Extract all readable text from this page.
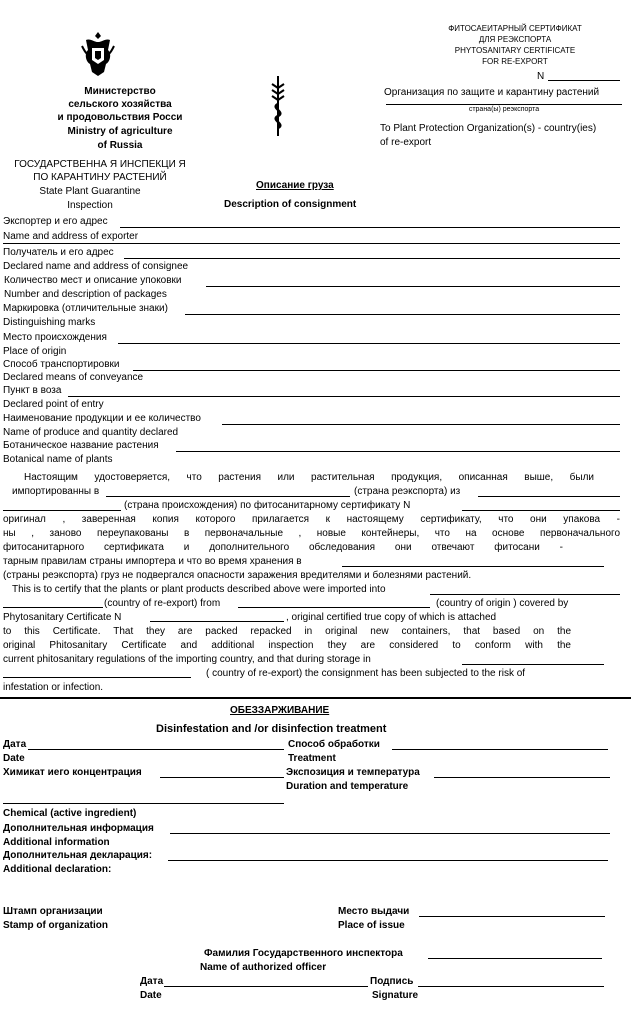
Министерство
сельского хозяйства
и продовольствия Росси
Ministry of agriculture
of Russia
ГОСУДАРСТВЕННА Я ИНСПЕКЦИ Я
ПО КАРАНТИНУ РАСТЕНИЙ
State Plant Guarantine
Inspection
ФИТОСАЕИТАРНЫЙ СЕРТИФИКАТ
ДЛЯ РЕЭКСПОРТА
PHYTOSANITARY CERTIFICATE
FOR RE-EXPORT
N
Организация по защите и карантину растений
страна(ы) реэкспорта
To Plant Protection Organization(s) - country(ies)
of re-export
Описание груза
Description of consignment
Экспортер и его адрес
Name and address of exporter
Получатель и его адрес
Declared name and address of consignee
Количество мест и описание упоковки
Number and description of packages
Маркировка (отличительные знаки)
Distinguishing marks
Место происхождения
Place of origin
Способ транспортировки
Declared means of conveyance
Пункт в воза
Declared point of entry
Наименование продукции и ее количество
Name of produce and quantity declared
Ботаническое название растения
Botanical name of plants
Настоящим удостоверяется, что растения или растительная продукция, описанная выше, были
импортированны в	(страна реэкспорта) из
(страна происхождения) по фитосанитарному сертификату N
оригинал , заверенная копия которого прилагается к настоящему сертификату, что они упакова -
ны , заново переупакованы в первоначальные , новые контейнеры, что на основе первоначального
фитосанитарного сертификата и дополнительного обследования они отвечают фитосани -
тарным правилам страны импортера и что во время хранения в
(страны реэкспорта) груз не подвергался опасности заражения вредителями и болезнями растений.
This is to certify that the plants or plant products described above were imported into
(country of re-export) from	(country of origin ) covered by
Phytosanitary Certificate N	, original certified true copy of which is attached
to this Certificate. That they are packed repacked in original new containers, that based on the
original Phitosanitary Certificate and additional inspection they are considered to conform with the
current phitosanitary regulations of the importing country, and that during storage in
( country of re-export) the consignment has been subjected to the risk of
infestation or infection.
ОБЕЗЗАРЖИВАНИЕ
Disinfestation and /or disinfection treatment
Дата	Способ обработки
Date	Treatment
Химикат иего концентрация	Экспозиция и температура
Duration and temperature
Chemical (active ingredient)
Дополнительная информация
Additional information
Дополнительная декларация:
Additional declaration:
Штамп организации
Stamp of organization
Место выдачи
Place of issue
Фамилия Государственного инспектора
Name of authorized officer
Дата	Подпись
Date	Signature
